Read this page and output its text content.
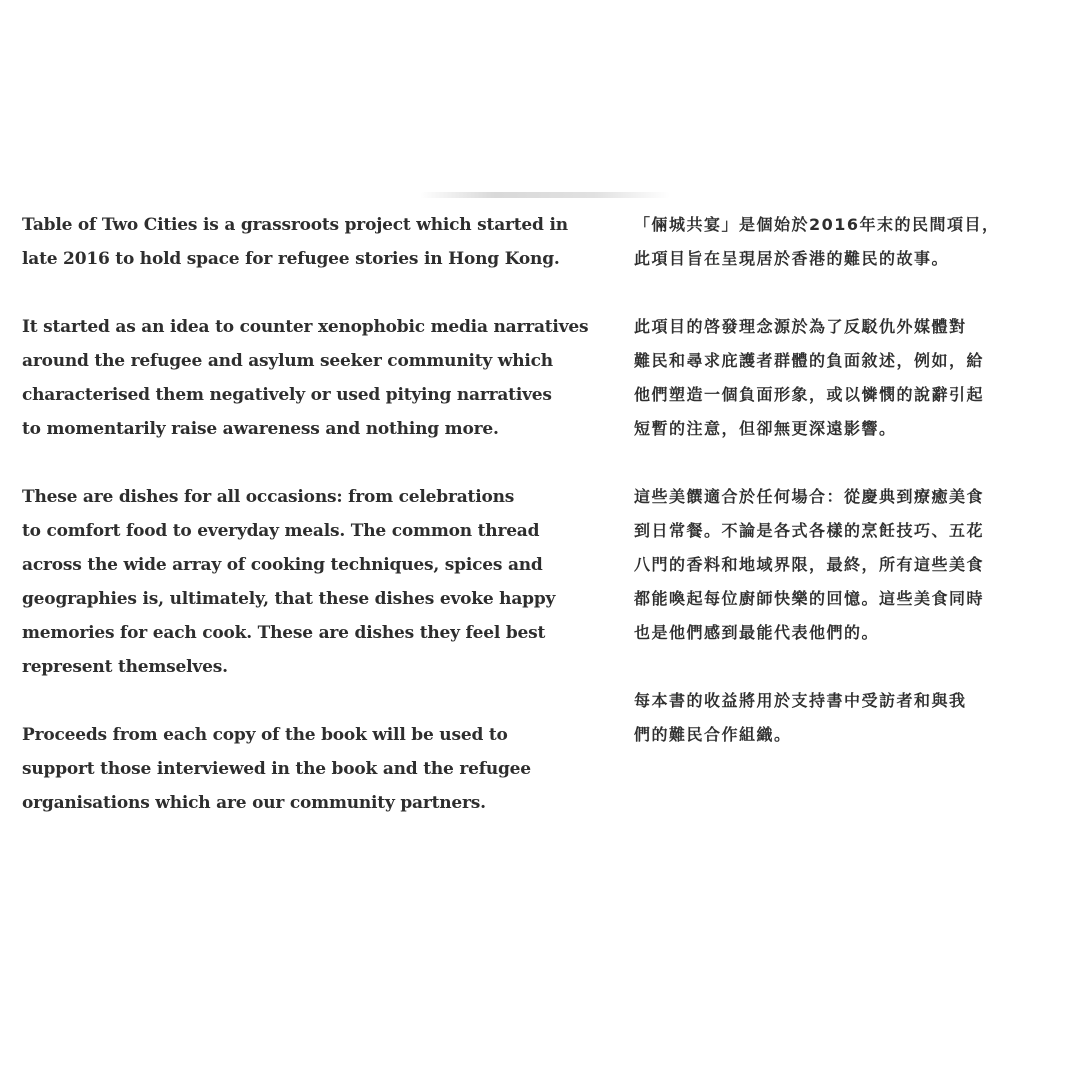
Table of Two Cities is a grassroots project which started in
late 2016 to hold space for refugee stories in Hong Kong.

It started as an idea to counter xenophobic media narratives
around the refugee and asylum seeker community which
characterised them negatively or used pitying narratives
to momentarily raise awareness and nothing more.

These are dishes for all occasions: from celebrations
to comfort food to everyday meals. The common thread
across the wide array of cooking techniques, spices and
geographies is, ultimately, that these dishes evoke happy
memories for each cook. These are dishes they feel best
represent themselves.

Proceeds from each copy of the book will be used to
support those interviewed in the book and the refugee
organisations which are our community partners.

「倆城共宴」是個始於2016年末的民間項目，
此項目旨在呈現居於香港的難民的故事。

此項目的啓發理念源於為了反駁仇外媒體對
難民和尋求庇護者群體的負面敘述，例如，給
他們塑造一個負面形象，或以憐憫的說辭引起
短暫的注意，但卻無更深遠影響。

這些美饌適合於任何場合：從慶典到療癒美食
到日常餐。不論是各式各樣的烹飪技巧、五花
八門的香料和地域界限，最終，所有這些美食
都能喚起每位廚師快樂的回憶。這些美食同時
也是他們感到最能代表他們的。

每本書的收益將用於支持書中受訪者和與我
們的難民合作組織。
